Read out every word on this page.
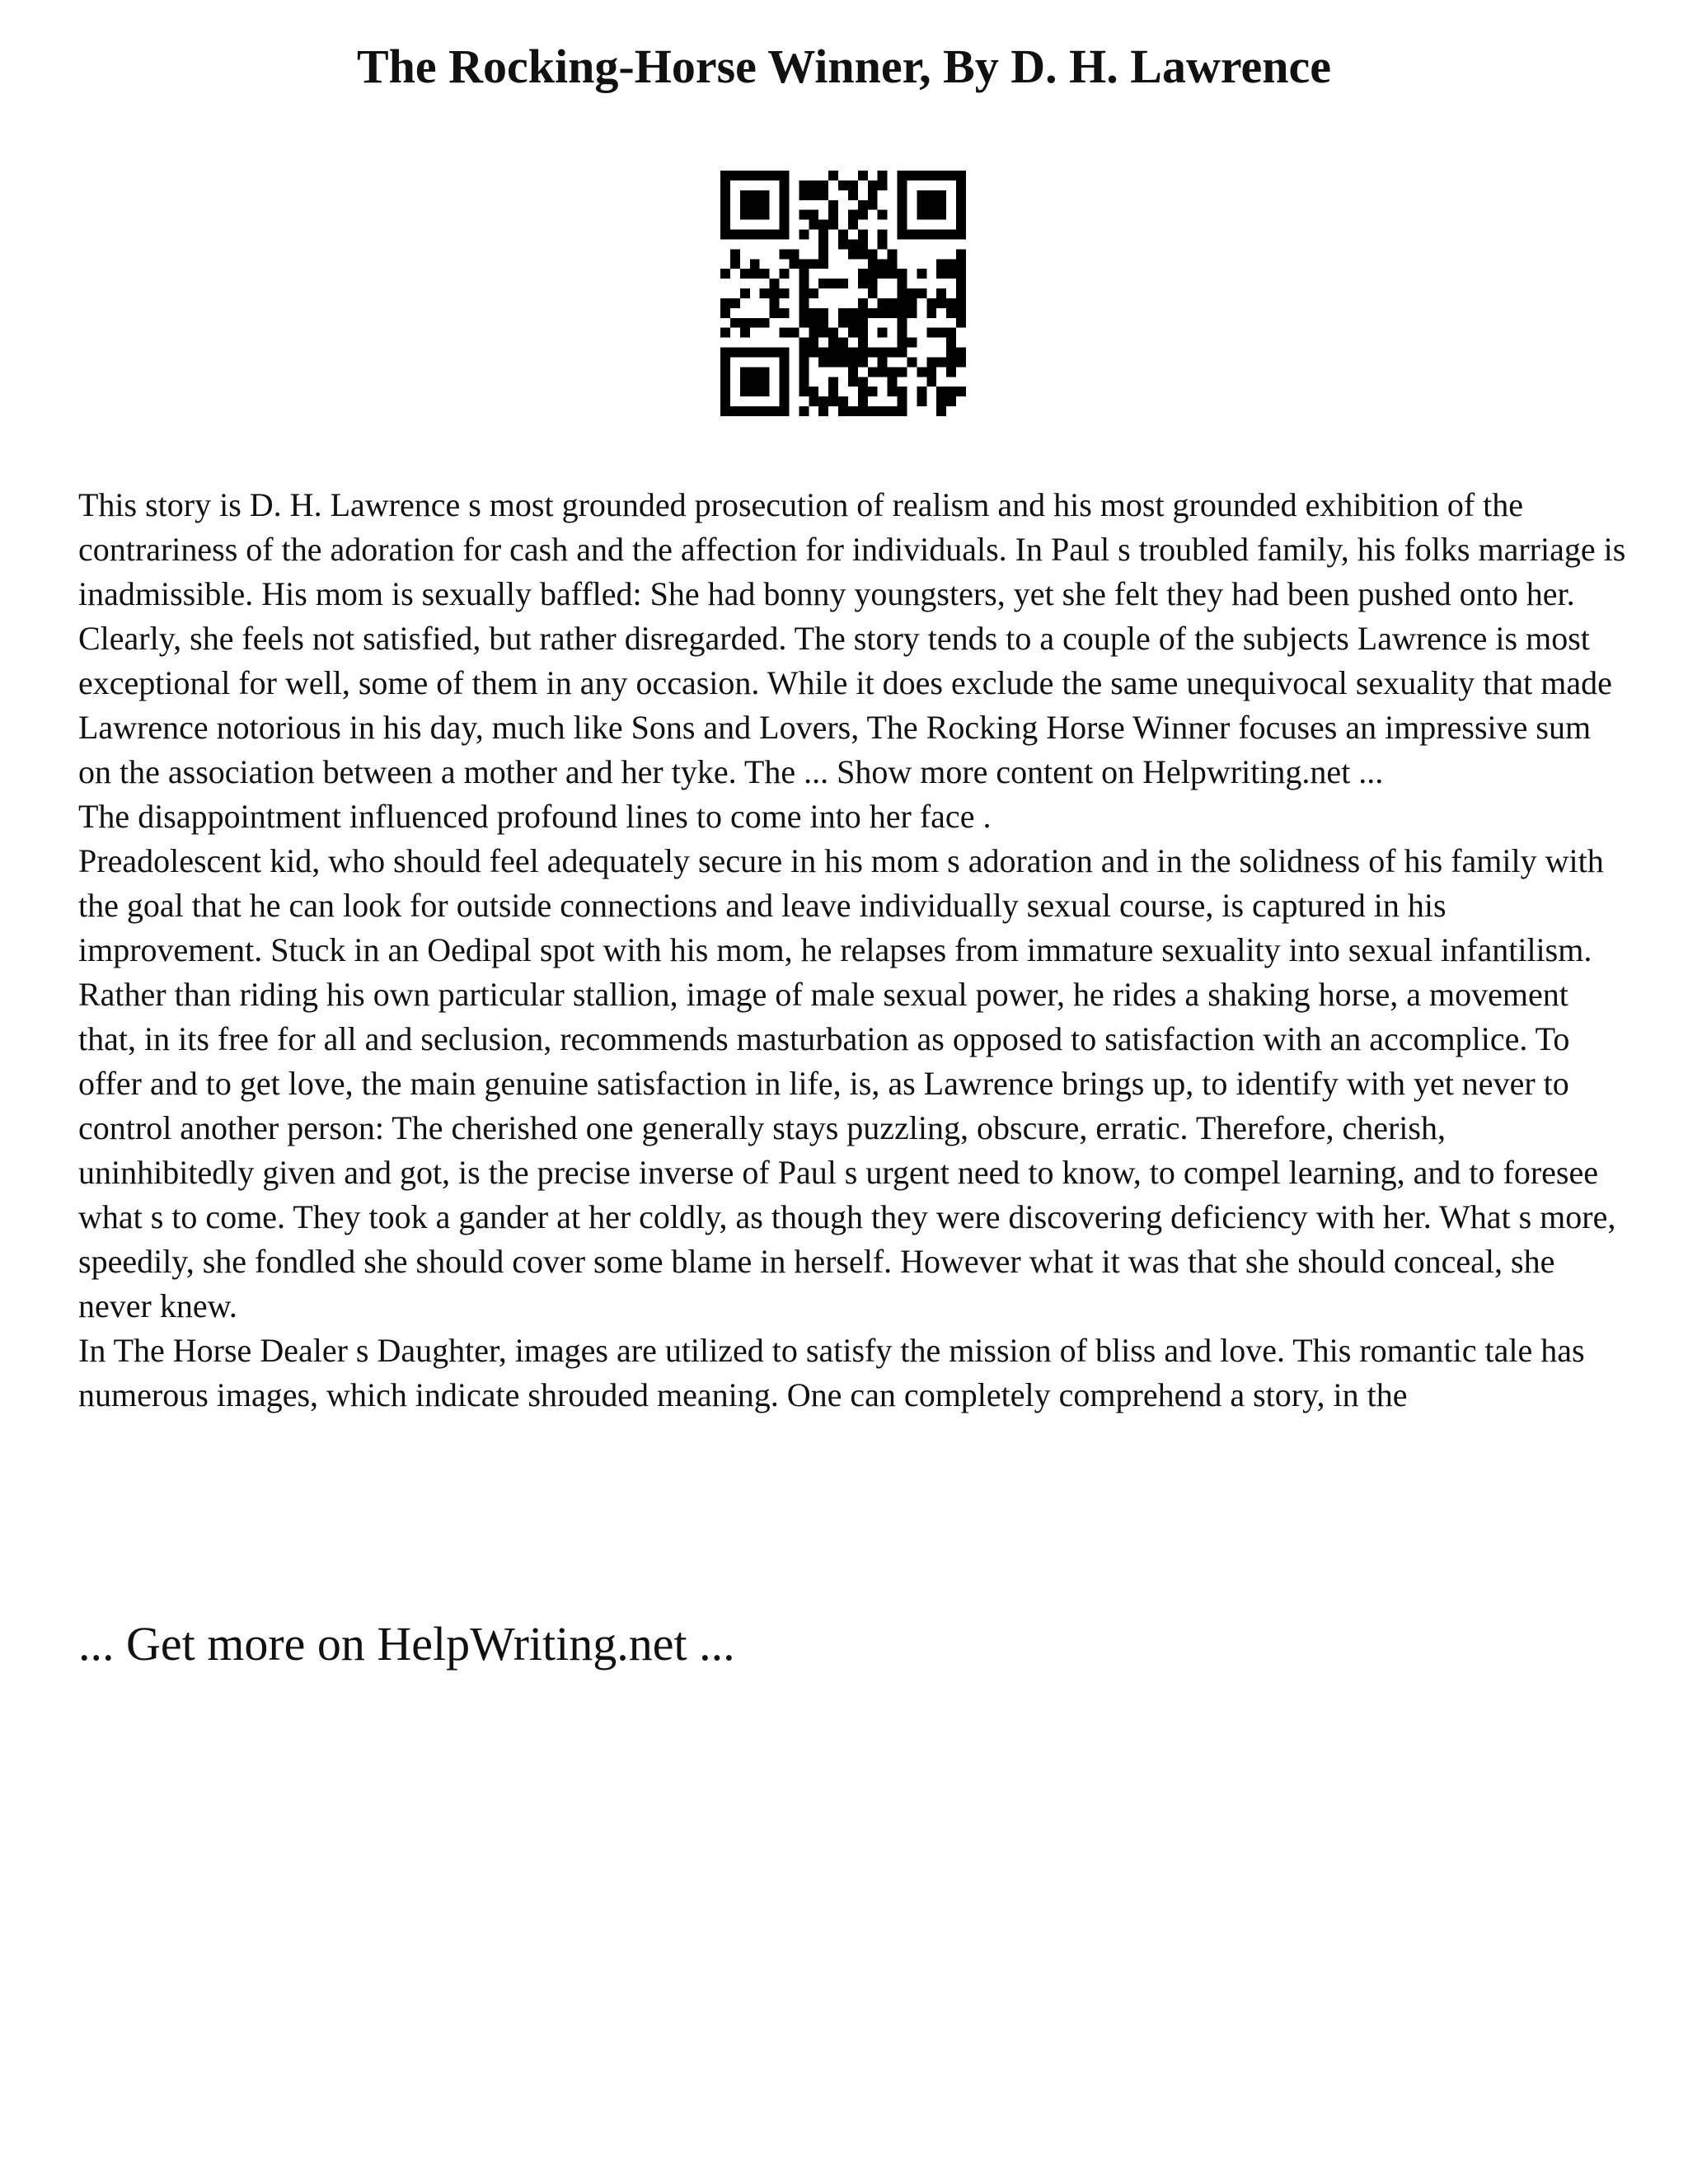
The Rocking-Horse Winner, By D. H. Lawrence

This story is D. H. Lawrence s most grounded prosecution of realism and his most grounded exhibition of the contrariness of the adoration for cash and the affection for individuals. In Paul s troubled family, his folks marriage is inadmissible. His mom is sexually baffled: She had bonny youngsters, yet she felt they had been pushed onto her. Clearly, she feels not satisfied, but rather disregarded. The story tends to a couple of the subjects Lawrence is most exceptional for well, some of them in any occasion. While it does exclude the same unequivocal sexuality that made Lawrence notorious in his day, much like Sons and Lovers, The Rocking Horse Winner focuses an impressive sum on the association between a mother and her tyke. The ... Show more content on Helpwriting.net ...

The disappointment influenced profound lines to come into her face .

Preadolescent kid, who should feel adequately secure in his mom s adoration and in the solidness of his family with the goal that he can look for outside connections and leave individually sexual course, is captured in his improvement. Stuck in an Oedipal spot with his mom, he relapses from immature sexuality into sexual infantilism. Rather than riding his own particular stallion, image of male sexual power, he rides a shaking horse, a movement that, in its free for all and seclusion, recommends masturbation as opposed to satisfaction with an accomplice. To offer and to get love, the main genuine satisfaction in life, is, as Lawrence brings up, to identify with yet never to control another person: The cherished one generally stays puzzling, obscure, erratic. Therefore, cherish, uninhibitedly given and got, is the precise inverse of Paul s urgent need to know, to compel learning, and to foresee what s to come. They took a gander at her coldly, as though they were discovering deficiency with her. What s more, speedily, she fondled she should cover some blame in herself. However what it was that she should conceal, she never knew.

In The Horse Dealer s Daughter, images are utilized to satisfy the mission of bliss and love. This romantic tale has numerous images, which indicate shrouded meaning. One can completely comprehend a story, in the

... Get more on HelpWriting.net ...
